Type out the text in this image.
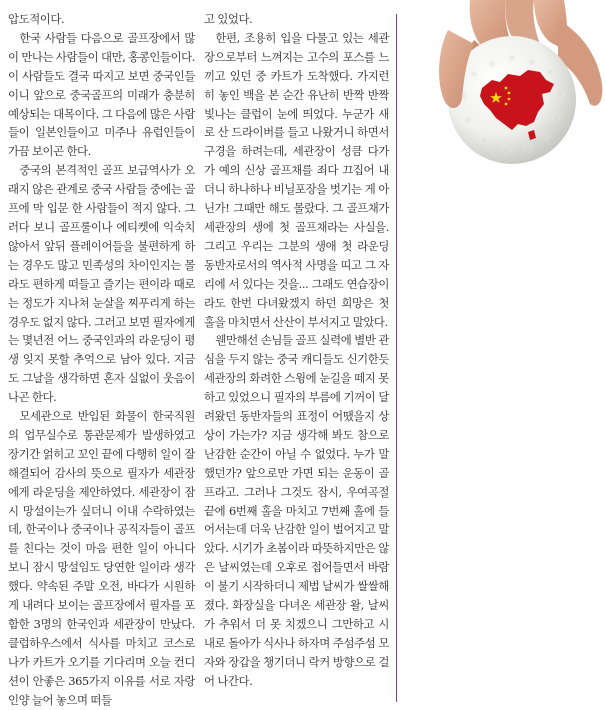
압도적이다.

한국 사람들 다음으로 골프장에서 많이 만나는 사람들이 대만, 홍콩인들이다. 이 사람들도 결국 따지고 보면 중국인들이니 앞으로 중국골프의 미래가 충분히 예상되는 대목이다. 그 다음에 많은 사람들이 일본인들이고 미주나 유럽인들이 가끔 보이곤 한다.

중국의 본격적인 골프 보급역사가 오래지 않은 관계로 중국 사람들 중에는 골프에 막 입문 한 사람들이 적지 않다. 그러다 보니 골프룰이나 에티켓에 익숙치 않아서 앞뒤 플레이어들을 불편하게 하는 경우도 많고 민족성의 차이인지는 몰라도 편하게 떠들고 즐기는 편이라 때로는 정도가 지나쳐 눈살을 찌푸리게 하는 경우도 없지 않다. 그러고 보면 필자에게는 몇년전 어느 중국인과의 라운딩이 평생 잊지 못할 추억으로 남아 있다. 지금도 그날을 생각하면 혼자 실없이 웃음이 나곤 한다.

모세관으로 반입된 화물이 한국직원의 업무실수로 통관문제가 발생하였고 장기간 얽히고 꼬인 끝에 다행히 일이 잘 해결되어 감사의 뜻으로 필자가 세관장에게 라운딩을 제안하였다. 세관장이 잠시 망설이는가 싶더니 이내 수락하였는데, 한국이나 중국이나 공직자들이 골프를 친다는 것이 마음 편한 일이 아니다 보니 잠시 망설임도 당연한 일이라 생각했다. 약속된 주말 오전, 바다가 시원하게 내려다 보이는 골프장에서 필자를 포함한 3명의 한국인과 세관장이 만났다. 클럽하우스에서 식사를 마치고 코스로 나가 카트가 오기를 기다리며 오늘 컨디션이 안좋은 365가지 이유를 서로 자랑인양 늘어 놓으며 떠들

고 있었다.

한편, 조용히 입을 다물고 있는 세관장으로부터 느껴지는 고수의 포스를 느끼고 있던 중 카트가 도착했다. 가지런히 놓인 백을 본 순간 유난히 반짝 반짝 빛나는 클럽이 눈에 띄었다. 누군가 새로 산 드라이버를 들고 나왔거니 하면서 구경을 하려는데, 세관장이 성큼 다가 가 예의 신상 골프채를 죄다 끄집어 내더니 하나하나 비닐포장을 벗기는 게 아닌가! 그때만 해도 몰랐다. 그 골프채가 세관장의 생에 첫 골프채라는 사실을. 그리고 우리는 그분의 생애 첫 라운딩 동반자로서의 역사적 사명을 띠고 그 자리에 서 있다는 것을... 그래도 연습장이라도 한번 다녀왔겠지 하던 희망은 첫 홀을 마치면서 산산이 부서지고 말았다.

웬만해선 손님들 골프 실력에 별반 관심을 두지 않는 중국 캐디들도 신기한듯 세관장의 화려한 스윙에 눈길을 떼지 못하고 있었으니 필자의 부름에 기꺼이 달려왔던 동반자들의 표정이 어땠을지 상상이 가는가? 지금 생각해 봐도 참으로 난감한 순간이 아닐 수 없었다. 누가 말했던가? 앞으로만 가면 되는 운동이 골프라고. 그러나 그것도 잠시, 우여곡절 끝에 6번째 홀을 마치고 7번째 홀에 들어서는데 더욱 난감한 일이 벌어지고 말았다. 시기가 초봄이라 따뜻하지만은 않은 날씨였는데 오후로 접어들면서 바람이 불기 시작하더니 제법 날씨가 쌀쌀해졌다. 화장실을 다녀온 세관장 왈, 날씨가 추워서 더 못 치겠으니 그만하고 시내로 돌아가 식사나 하자며 주섬주섬 모자와 장갑을 챙기더니 락커 방향으로 걸어 나간다.
